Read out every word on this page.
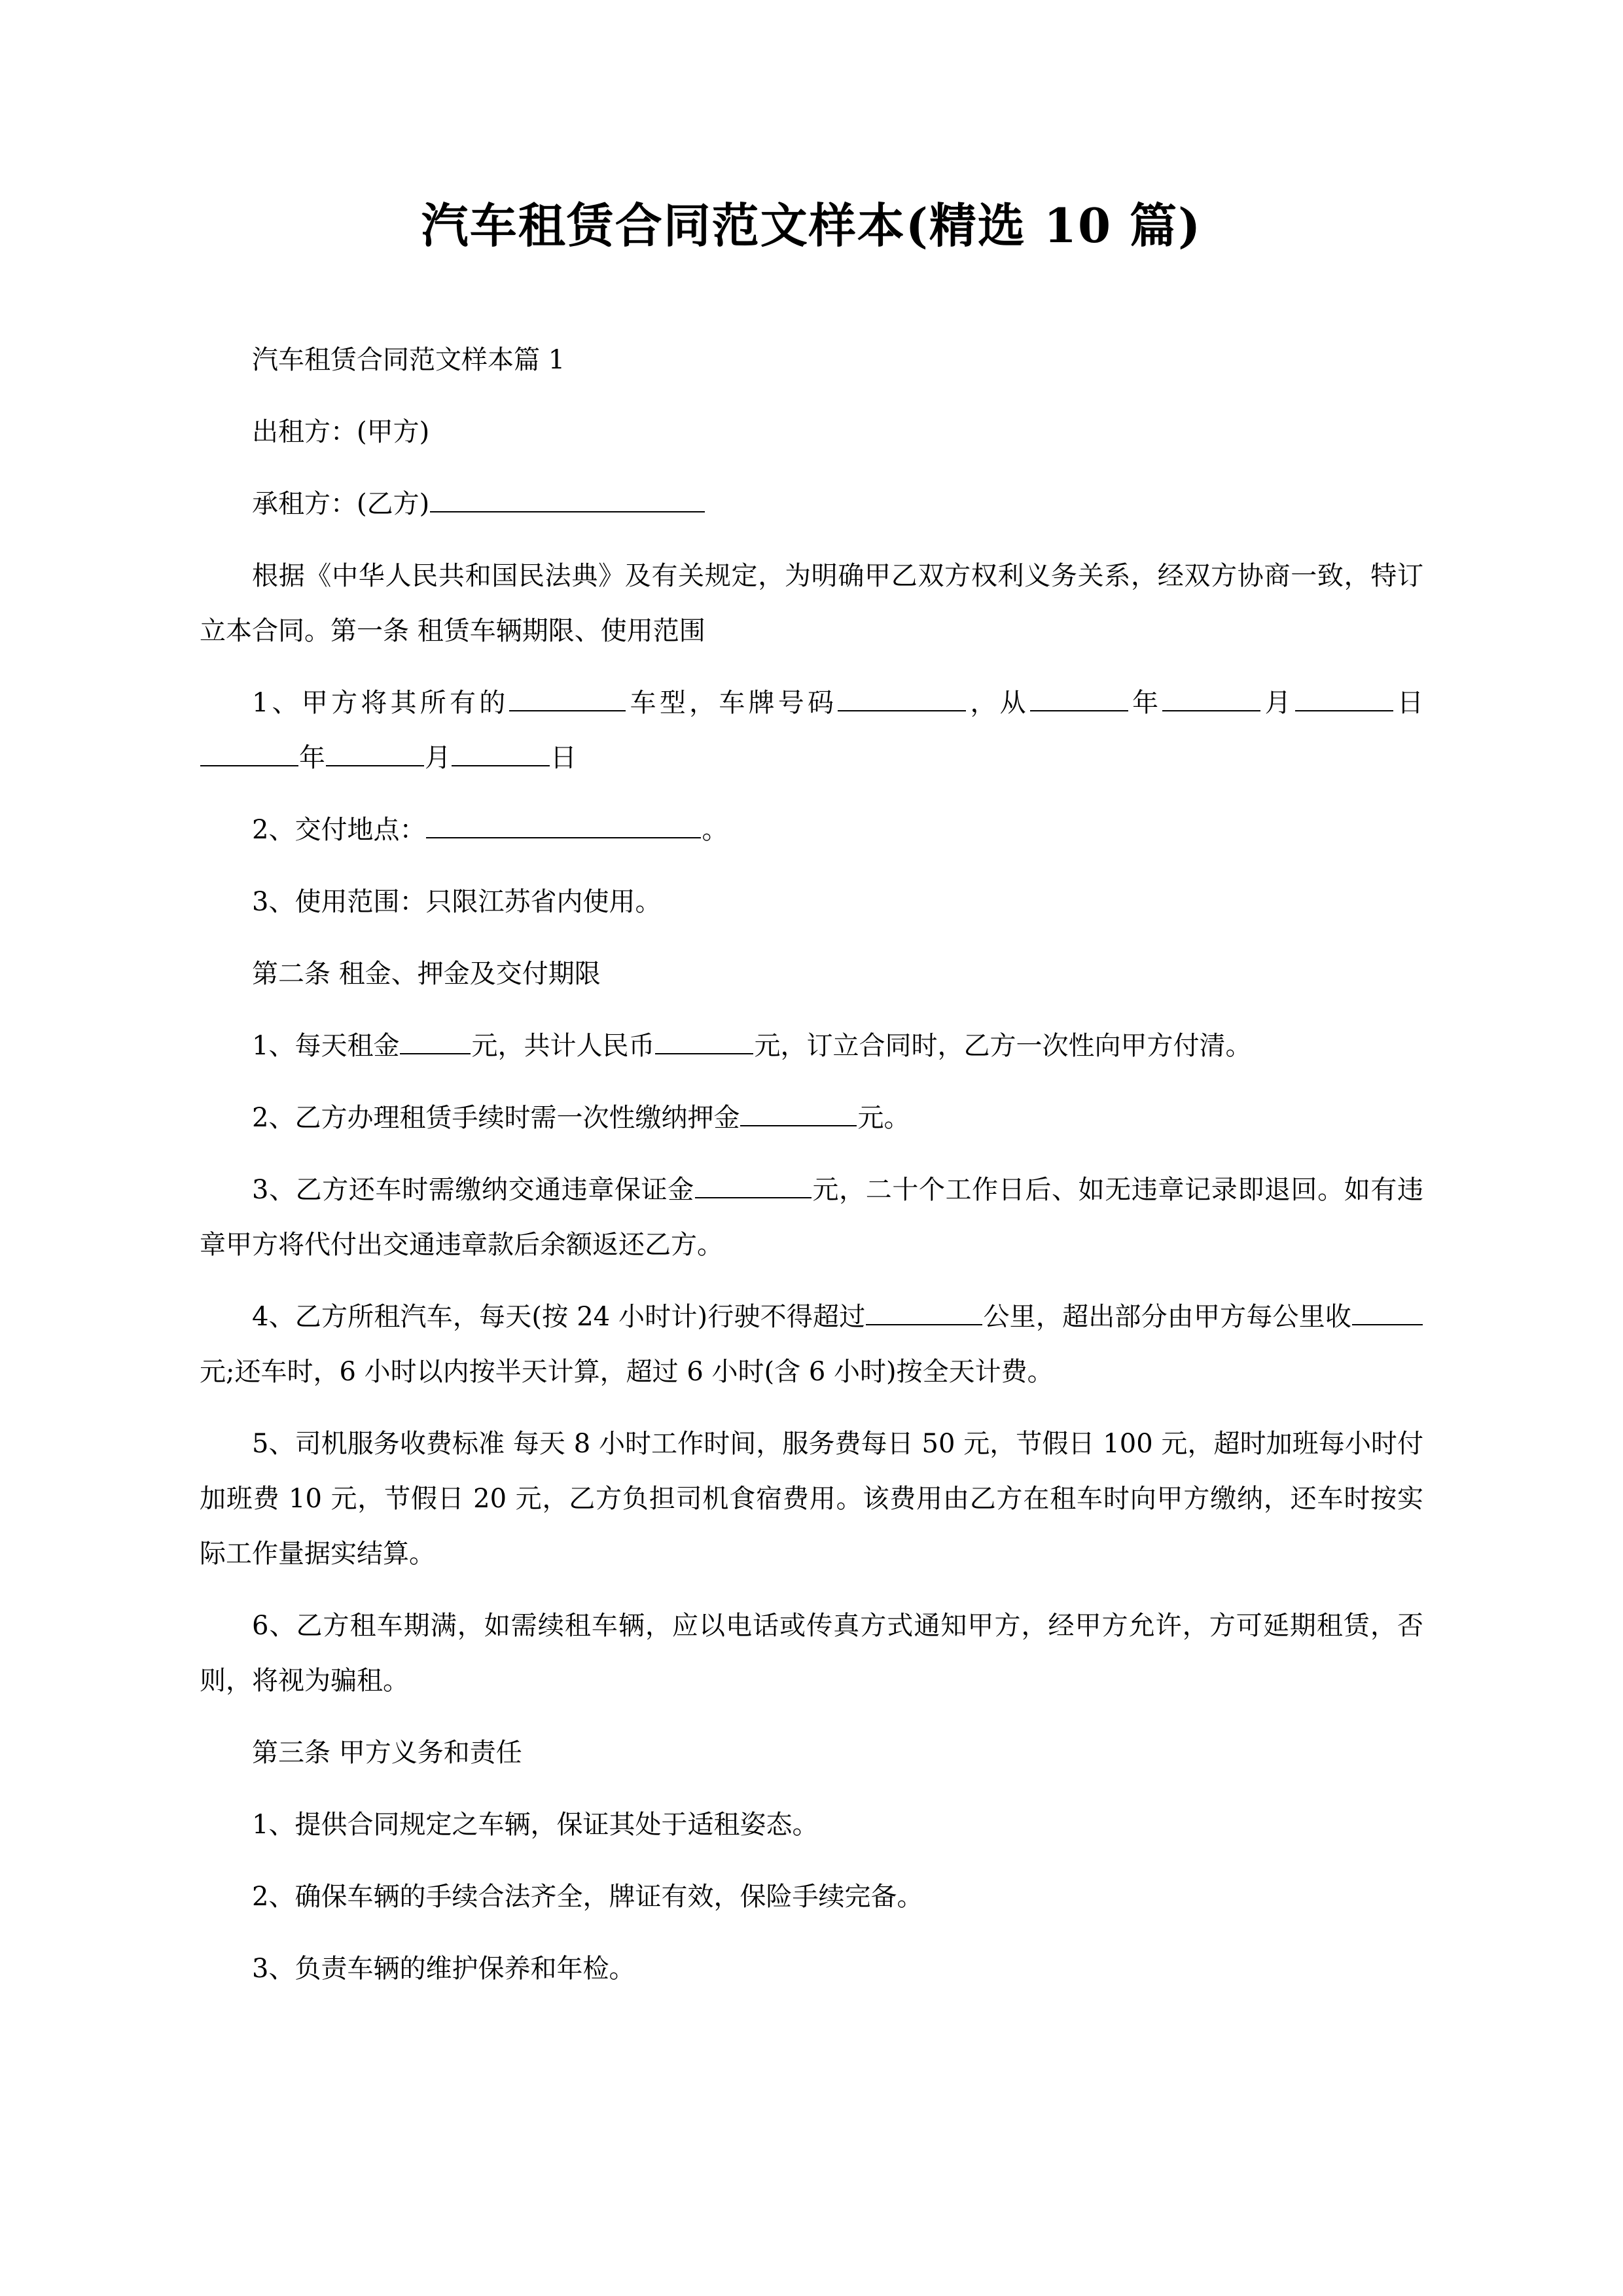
汽车租赁合同范文样本(精选 10 篇)

汽车租赁合同范文样本篇 1

出租方：(甲方)

承租方：(乙方)

根据《中华人民共和国民法典》及有关规定，为明确甲乙双方权利义务关系，经双方协商一致，特订立本合同。第一条 租赁车辆期限、使用范围

1、甲方将其所有的	车型，车牌号码	，从	年	月	日年	月	日

2、交付地点：	。

3、使用范围：只限江苏省内使用。

第二条 租金、押金及交付期限

1、每天租金	元，共计人民币	元，订立合同时，乙方一次性向甲方付清。

2、乙方办理租赁手续时需一次性缴纳押金	元。

3、乙方还车时需缴纳交通违章保证金	元，二十个工作日后、如无违章记录即退回。如有违章甲方将代付出交通违章款后余额返还乙方。

4、乙方所租汽车，每天(按 24 小时计)行驶不得超过	公里，超出部分由甲方每公里收元;还车时，6 小时以内按半天计算，超过 6 小时(含 6 小时)按全天计费。

5、司机服务收费标准 每天 8 小时工作时间，服务费每日 50 元，节假日 100 元，超时加班每小时付加班费 10 元，节假日 20 元，乙方负担司机食宿费用。该费用由乙方在租车时向甲方缴纳，还车时按实际工作量据实结算。

6、乙方租车期满，如需续租车辆，应以电话或传真方式通知甲方，经甲方允许，方可延期租赁，否则，将视为骗租。

第三条 甲方义务和责任

1、提供合同规定之车辆，保证其处于适租姿态。

2、确保车辆的手续合法齐全，牌证有效，保险手续完备。

3、负责车辆的维护保养和年检。
